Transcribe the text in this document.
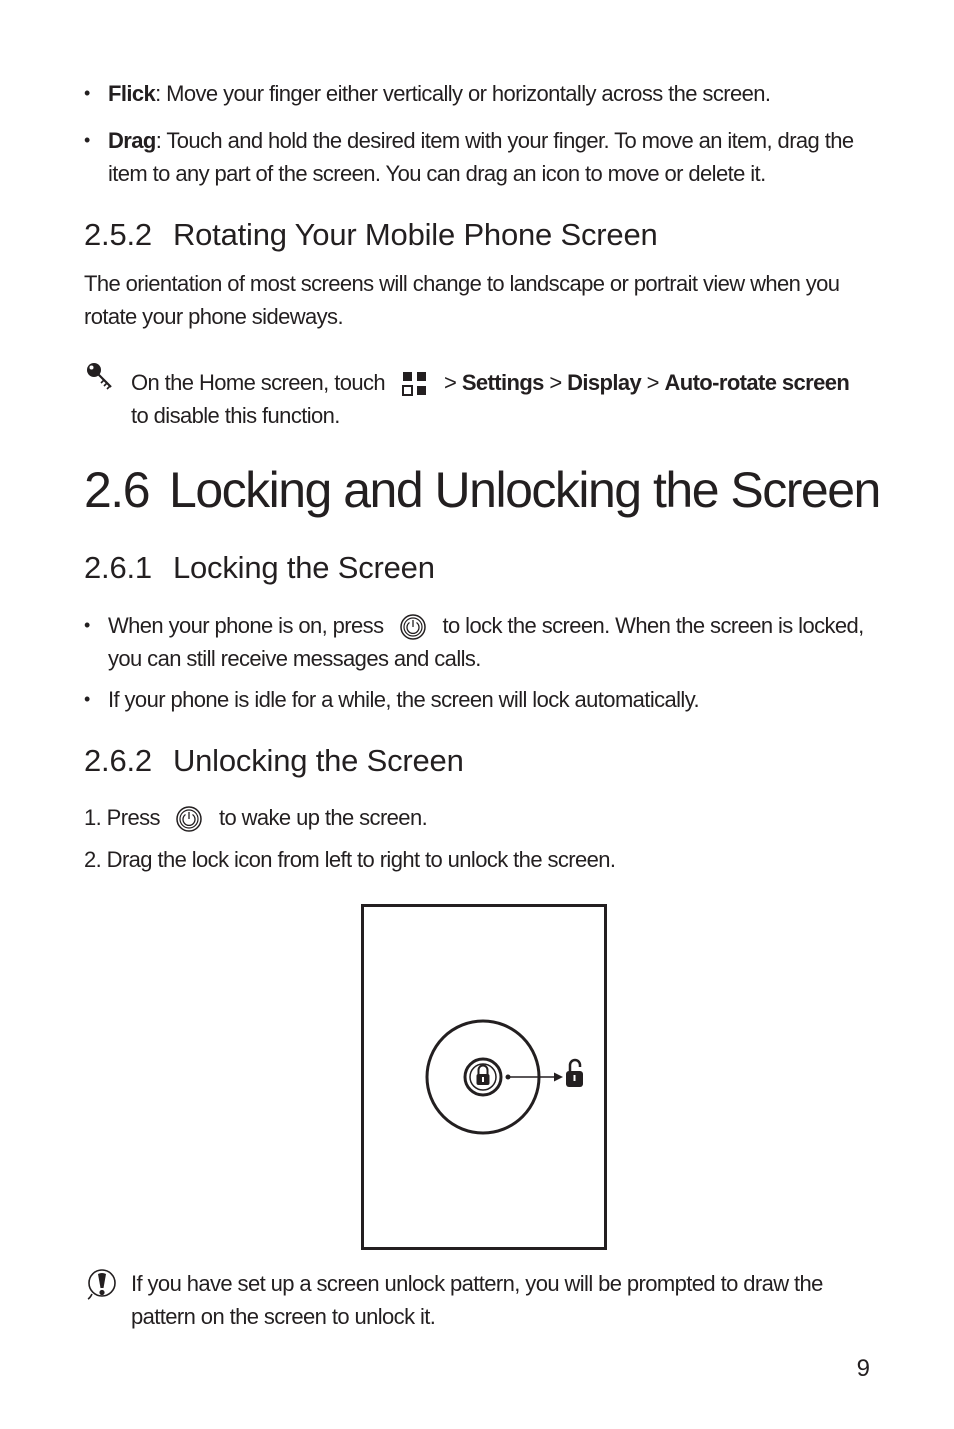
• Flick: Move your finger either vertically or horizontally across the screen.
• Drag: Touch and hold the desired item with your finger. To move an item, drag the
item to any part of the screen. You can drag an icon to move or delete it.
2.5.2 Rotating Your Mobile Phone Screen
The orientation of most screens will change to landscape or portrait view when you
rotate your phone sideways.
On the Home screen, touch  > Settings > Display > Auto-rotate screen
to disable this function.
2.6 Locking and Unlocking the Screen
2.6.1 Locking the Screen
• When your phone is on, press	to lock the screen. When the screen is locked,
you can still receive messages and calls.
• If your phone is idle for a while, the screen will lock automatically.
2.6.2 Unlocking the Screen
1. Press	to wake up the screen.
2. Drag the lock icon from left to right to unlock the screen.
If you have set up a screen unlock pattern, you will be prompted to draw the
pattern on the screen to unlock it.
9
